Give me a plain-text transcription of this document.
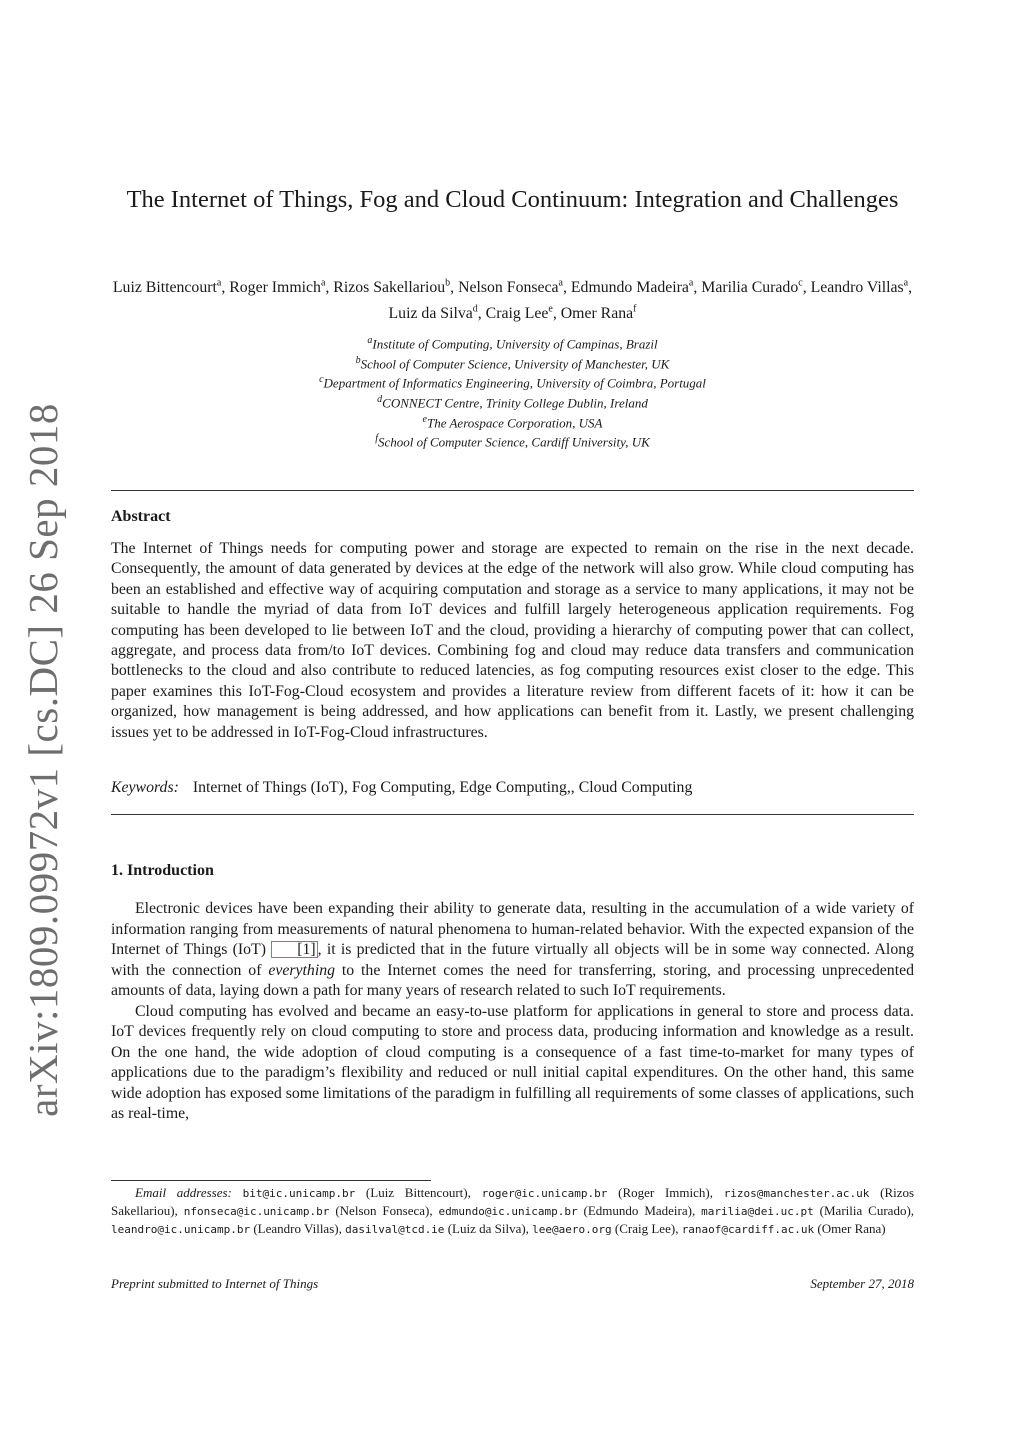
arXiv:1809.09972v1 [cs.DC] 26 Sep 2018
The Internet of Things, Fog and Cloud Continuum: Integration and Challenges
Luiz Bittencourt$^a$, Roger Immich$^a$, Rizos Sakellariou$^b$, Nelson Fonseca$^a$, Edmundo Madeira$^a$, Marilia Curado$^c$, Leandro Villas$^a$, Luiz da Silva$^d$, Craig Lee$^e$, Omer Rana$^f$
$^a$Institute of Computing, University of Campinas, Brazil
$^b$School of Computer Science, University of Manchester, UK
$^c$Department of Informatics Engineering, University of Coimbra, Portugal
$^d$CONNECT Centre, Trinity College Dublin, Ireland
$^e$The Aerospace Corporation, USA
$^f$School of Computer Science, Cardiff University, UK
Abstract
The Internet of Things needs for computing power and storage are expected to remain on the rise in the next decade. Consequently, the amount of data generated by devices at the edge of the network will also grow. While cloud computing has been an established and effective way of acquiring computation and storage as a service to many applications, it may not be suitable to handle the myriad of data from IoT devices and fulfill largely heterogeneous application requirements. Fog computing has been developed to lie between IoT and the cloud, providing a hierarchy of computing power that can collect, aggregate, and process data from/to IoT devices. Combining fog and cloud may reduce data transfers and communication bottlenecks to the cloud and also contribute to reduced latencies, as fog computing resources exist closer to the edge. This paper examines this IoT-Fog-Cloud ecosystem and provides a literature review from different facets of it: how it can be organized, how management is being addressed, and how applications can benefit from it. Lastly, we present challenging issues yet to be addressed in IoT-Fog-Cloud infrastructures.
Keywords: Internet of Things (IoT), Fog Computing, Edge Computing,, Cloud Computing
1. Introduction

Electronic devices have been expanding their ability to generate data, resulting in the accumulation of a wide variety of information ranging from measurements of natural phenomena to human-related behavior. With the expected expansion of the Internet of Things (IoT) [1] , it is predicted that in the future virtually all objects will be in some way connected. Along with the connection of everything to the Internet comes the need for transferring, storing, and processing unprecedented amounts of data, laying down a path for many years of research related to such IoT requirements.

Cloud computing has evolved and became an easy-to-use platform for applications in general to store and process data. IoT devices frequently rely on cloud computing to store and process data, producing information and knowledge as a result. On the one hand, the wide adoption of cloud computing is a consequence of a fast time-to-market for many types of applications due to the paradigm’s flexibility and reduced or null initial capital expenditures. On the other hand, this same wide adoption has exposed some limitations of the paradigm in fulfilling all requirements of some classes of applications, such as real-time,

Email addresses: bit@ic.unicamp.br (Luiz Bittencourt), roger@ic.unicamp.br (Roger Immich), rizos@manchester.ac.uk (Rizos Sakellariou), nfonseca@ic.unicamp.br (Nelson Fonseca), edmundo@ic.unicamp.br (Edmundo Madeira), marilia@dei.uc.pt (Marilia Curado), leandro@ic.unicamp.br (Leandro Villas), dasilval@tcd.ie (Luiz da Silva), lee@aero.org (Craig Lee), ranaof@cardiff.ac.uk (Omer Rana)
Preprint submitted to Internet of Things	September 27, 2018
